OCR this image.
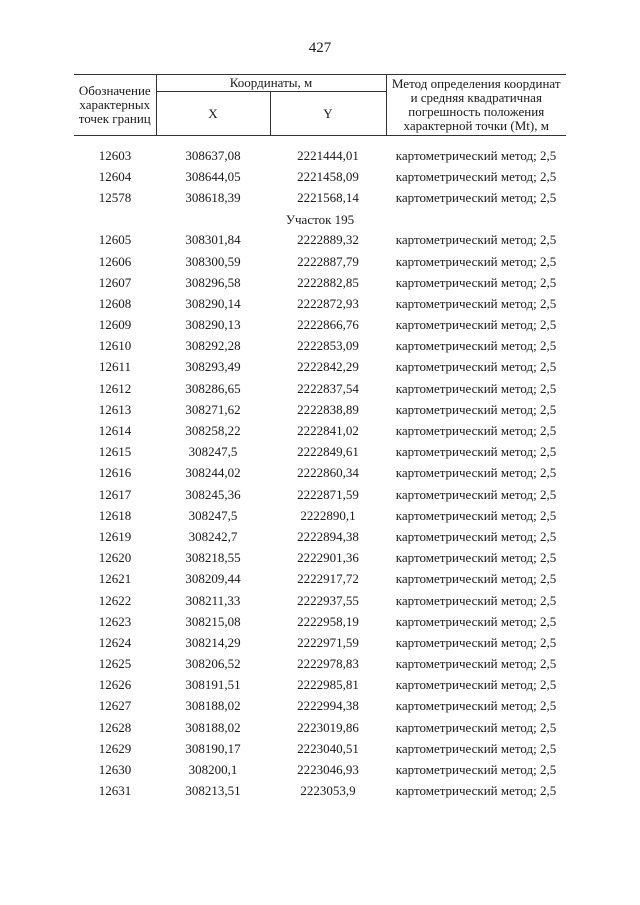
427
Обозначение характерных точек границ	Координаты, м		Метод определения координат и средняя квадратичная погрешность положения характерной точки (Mt), м
	X	Y	
12603	308637,08	2221444,01	картометрический метод; 2,5
12604	308644,05	2221458,09	картометрический метод; 2,5
12578	308618,39	2221568,14	картометрический метод; 2,5
Участок 195
12605	308301,84	2222889,32	картометрический метод; 2,5
12606	308300,59	2222887,79	картометрический метод; 2,5
12607	308296,58	2222882,85	картометрический метод; 2,5
12608	308290,14	2222872,93	картометрический метод; 2,5
12609	308290,13	2222866,76	картометрический метод; 2,5
12610	308292,28	2222853,09	картометрический метод; 2,5
12611	308293,49	2222842,29	картометрический метод; 2,5
12612	308286,65	2222837,54	картометрический метод; 2,5
12613	308271,62	2222838,89	картометрический метод; 2,5
12614	308258,22	2222841,02	картометрический метод; 2,5
12615	308247,5	2222849,61	картометрический метод; 2,5
12616	308244,02	2222860,34	картометрический метод; 2,5
12617	308245,36	2222871,59	картометрический метод; 2,5
12618	308247,5	2222890,1	картометрический метод; 2,5
12619	308242,7	2222894,38	картометрический метод; 2,5
12620	308218,55	2222901,36	картометрический метод; 2,5
12621	308209,44	2222917,72	картометрический метод; 2,5
12622	308211,33	2222937,55	картометрический метод; 2,5
12623	308215,08	2222958,19	картометрический метод; 2,5
12624	308214,29	2222971,59	картометрический метод; 2,5
12625	308206,52	2222978,83	картометрический метод; 2,5
12626	308191,51	2222985,81	картометрический метод; 2,5
12627	308188,02	2222994,38	картометрический метод; 2,5
12628	308188,02	2223019,86	картометрический метод; 2,5
12629	308190,17	2223040,51	картометрический метод; 2,5
12630	308200,1	2223046,93	картометрический метод; 2,5
12631	308213,51	2223053,9	картометрический метод; 2,5
